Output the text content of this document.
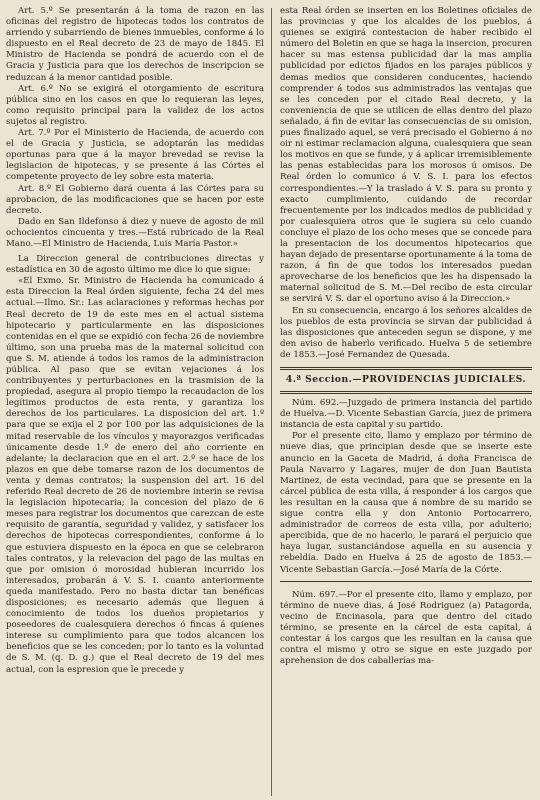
Art. 5.º Se presentarán á la toma de razon en las oficinas del registro de hipotecas todos los contratos de arriendo y subarriendo de bienes inmuebles, conforme á lo dispuesto en el Real decreto de 23 de mayo de 1845. El Ministro de Hacienda se pondrá de acuerdo con el de Gracia y Justicia para que los derechos de inscripcion se reduzcan á la menor cantidad posible.

Art. 6.º No se exigirá el otorgamiento de escritura pública sino en los casos en que lo requieran las leyes, como requisito principal para la validez de los actos sujetos al registro.

Art. 7.º Por el Ministerio de Hacienda, de acuerdo con el de Gracia y Justicia, se adoptarán las medidas oportunas para que á la mayor brevedad se revise la legislacion de hipotecas, y se presente á las Córtes el competente proyecto de ley sobre esta materia.

Art. 8.º El Gobierno dará cuenta á las Córtes para su aprobacion, de las modificaciones que se hacen por este decreto.

Dado en San Ildefonso á diez y nueve de agosto de mil ochocientos cincuenta y tres.—Está rubricado de la Real Mano.—El Ministro de Hacienda, Luis María Pastor.»

La Direccion general de contribuciones directas y estadística en 30 de agosto último me dice lo que sigue:

«El Exmo. Sr. Ministro de Hacienda ha comunicado á esta Direccion la Real órden siguiente, fecha 24 del mes actual.—Ilmo. Sr.: Las aclaraciones y reformas hechas por Real decreto de 19 de este mes en el actual sistema hipotecario y particularmente en las disposiciones contenidas en el que se expidió con fecha 26 de noviembre último, son una prueba mas de la maternal solicitud con que S. M. atiende á todos los ramos de la administracion pública. Al paso que se evitan vejaciones á los contribuyentes y perturbaciones en la trasmision de la propiedad, asegura al propio tiempo la recaudacion de los legítimos productos de esta renta, y garantiza los derechos de los particulares. La disposicion del art. 1.º para que se exija el 2 por 100 por las adquisiciones de la mitad reservable de los vínculos y mayorazgos verificadas únicamente desde 1.º de enero del año corriente en adelante; la declaracion que en el art. 2.º se hace de los plazos en que debe tomarse razon de los documentos de venta y demas contratos; la suspension del art. 16 del referido Real decreto de 26 de noviembre interin se revisa la legislacion hipotecaria; la concesion del plazo de 6 meses para registrar los documentos que carezcan de este requisito de garantía, seguridad y validez, y satisfacer los derechos de hipotecas correspondientes, conforme á lo que estuviera dispuesto en la época en que se celebraron tales contratos, y la relevacion del pago de las multas en que por omision ó morosidad hubieran incurrido los interesados, probarán á V. S. I. cuanto anteriormente queda manifestado. Pero no basta dictar tan benéficas disposiciones; es necesario además que lleguen á conocimiento de todos los dueños propietarios y poseedores de cualesquiera derechos ó fincas á quienes interese su cumplimiento para que todos alcancen los beneficios que se les conceden; por lo tanto es la voluntad de S. M. (q. D. g.) que el Real decreto de 19 del mes actual, con la espresion que le precede y

esta Real órden se inserten en los Boletines oficiales de las provincias y que los alcaldes de los pueblos, á quienes se exigirá contestacion de haber recibido el número del Boletin en que se haga la insercion, procuren hacer su mas estensa publicidad dar la mas amplia publicidad por edictos fijados en los parajes públicos y demas medios que consideren conducentes, haciendo comprender á todos sus administrados las ventajas que se les conceden por el citado Real decreto, y la conveniencia de que se utilicen de ellas dentro del plazo señalado, á fin de evitar las consecuencias de su omision, pues finalizado aquel, se verá precisado el Gobierno á no oir ni estimar reclamacion alguna, cualesquiera que sean los motivos en que se funde, y á aplicar irremisiblemente las penas establecidas para los morosos ú omisos. De Real órden lo comunico á V. S. I. para los efectos correspondientes.—Y la traslado á V. S. para su pronto y exacto cumplimiento, cuidando de recordar frecuentemente por los indicados medios de publicidad y por cualesquiera otros que le sugiera su celo cuando concluye el plazo de los ocho meses que se concede para la presentacion de los documentos hipotecarios que hayan dejado de presentarse oportunamente á la toma de razon, á fin de que todos los interesados puedan aprovecharse de los beneficios que les ha dispensado la maternal solicitud de S. M.—Del recibo de esta circular se servirá V. S. dar el oportuno aviso á la Direccion.»

En su consecuencia, encargo á los señores alcaldes de los pueblos de esta provincia se sirvan dar publicidad á las disposiciones que anteceden segun se dispone, y me den aviso de haberlo verificado. Huelva 5 de setiembre de 1853.—José Fernandez de Quesada.

4.ª Seccion.—PROVIDENCIAS JUDICIALES.

Núm. 692.—Juzgado de primera instancia del partido de Huelva.—D. Vicente Sebastian García, juez de primera instancia de esta capital y su partido.

Por el presente cito, llamo y emplazo por término de nueve dias, que principian desde que se inserte este anuncio en la Gaceta de Madrid, á doña Francisca de Paula Navarro y Lagares, mujer de don Juan Bautista Martinez, de esta vecindad, para que se presente en la cárcel pública de esta villa, á responder á los cargos que les resultan en la causa que á nombre de su marido se sigue contra ella y don Antonio Portocarrero, administrador de correos de esta villa, por adulterio; apercibida, que de no hacerlo, le parará el perjuicio que haya lugar, sustanciándose aquella en su ausencia y rebeldía. Dado en Huelva á 25 de agosto de 1853.—Vicente Sebastian García.—José María de la Córte.

Núm. 697.—Por el presente cito, llamo y emplazo, por término de nueve dias, á José Rodriguez (a) Patagorda, vecino de Encinasola, para que dentro del citado término, se presente en la cárcel de esta capital, á contestar á los cargos que les resultan en la causa que contra el mismo y otro se sigue en este juzgado por aprehension de dos caballerías ma-
